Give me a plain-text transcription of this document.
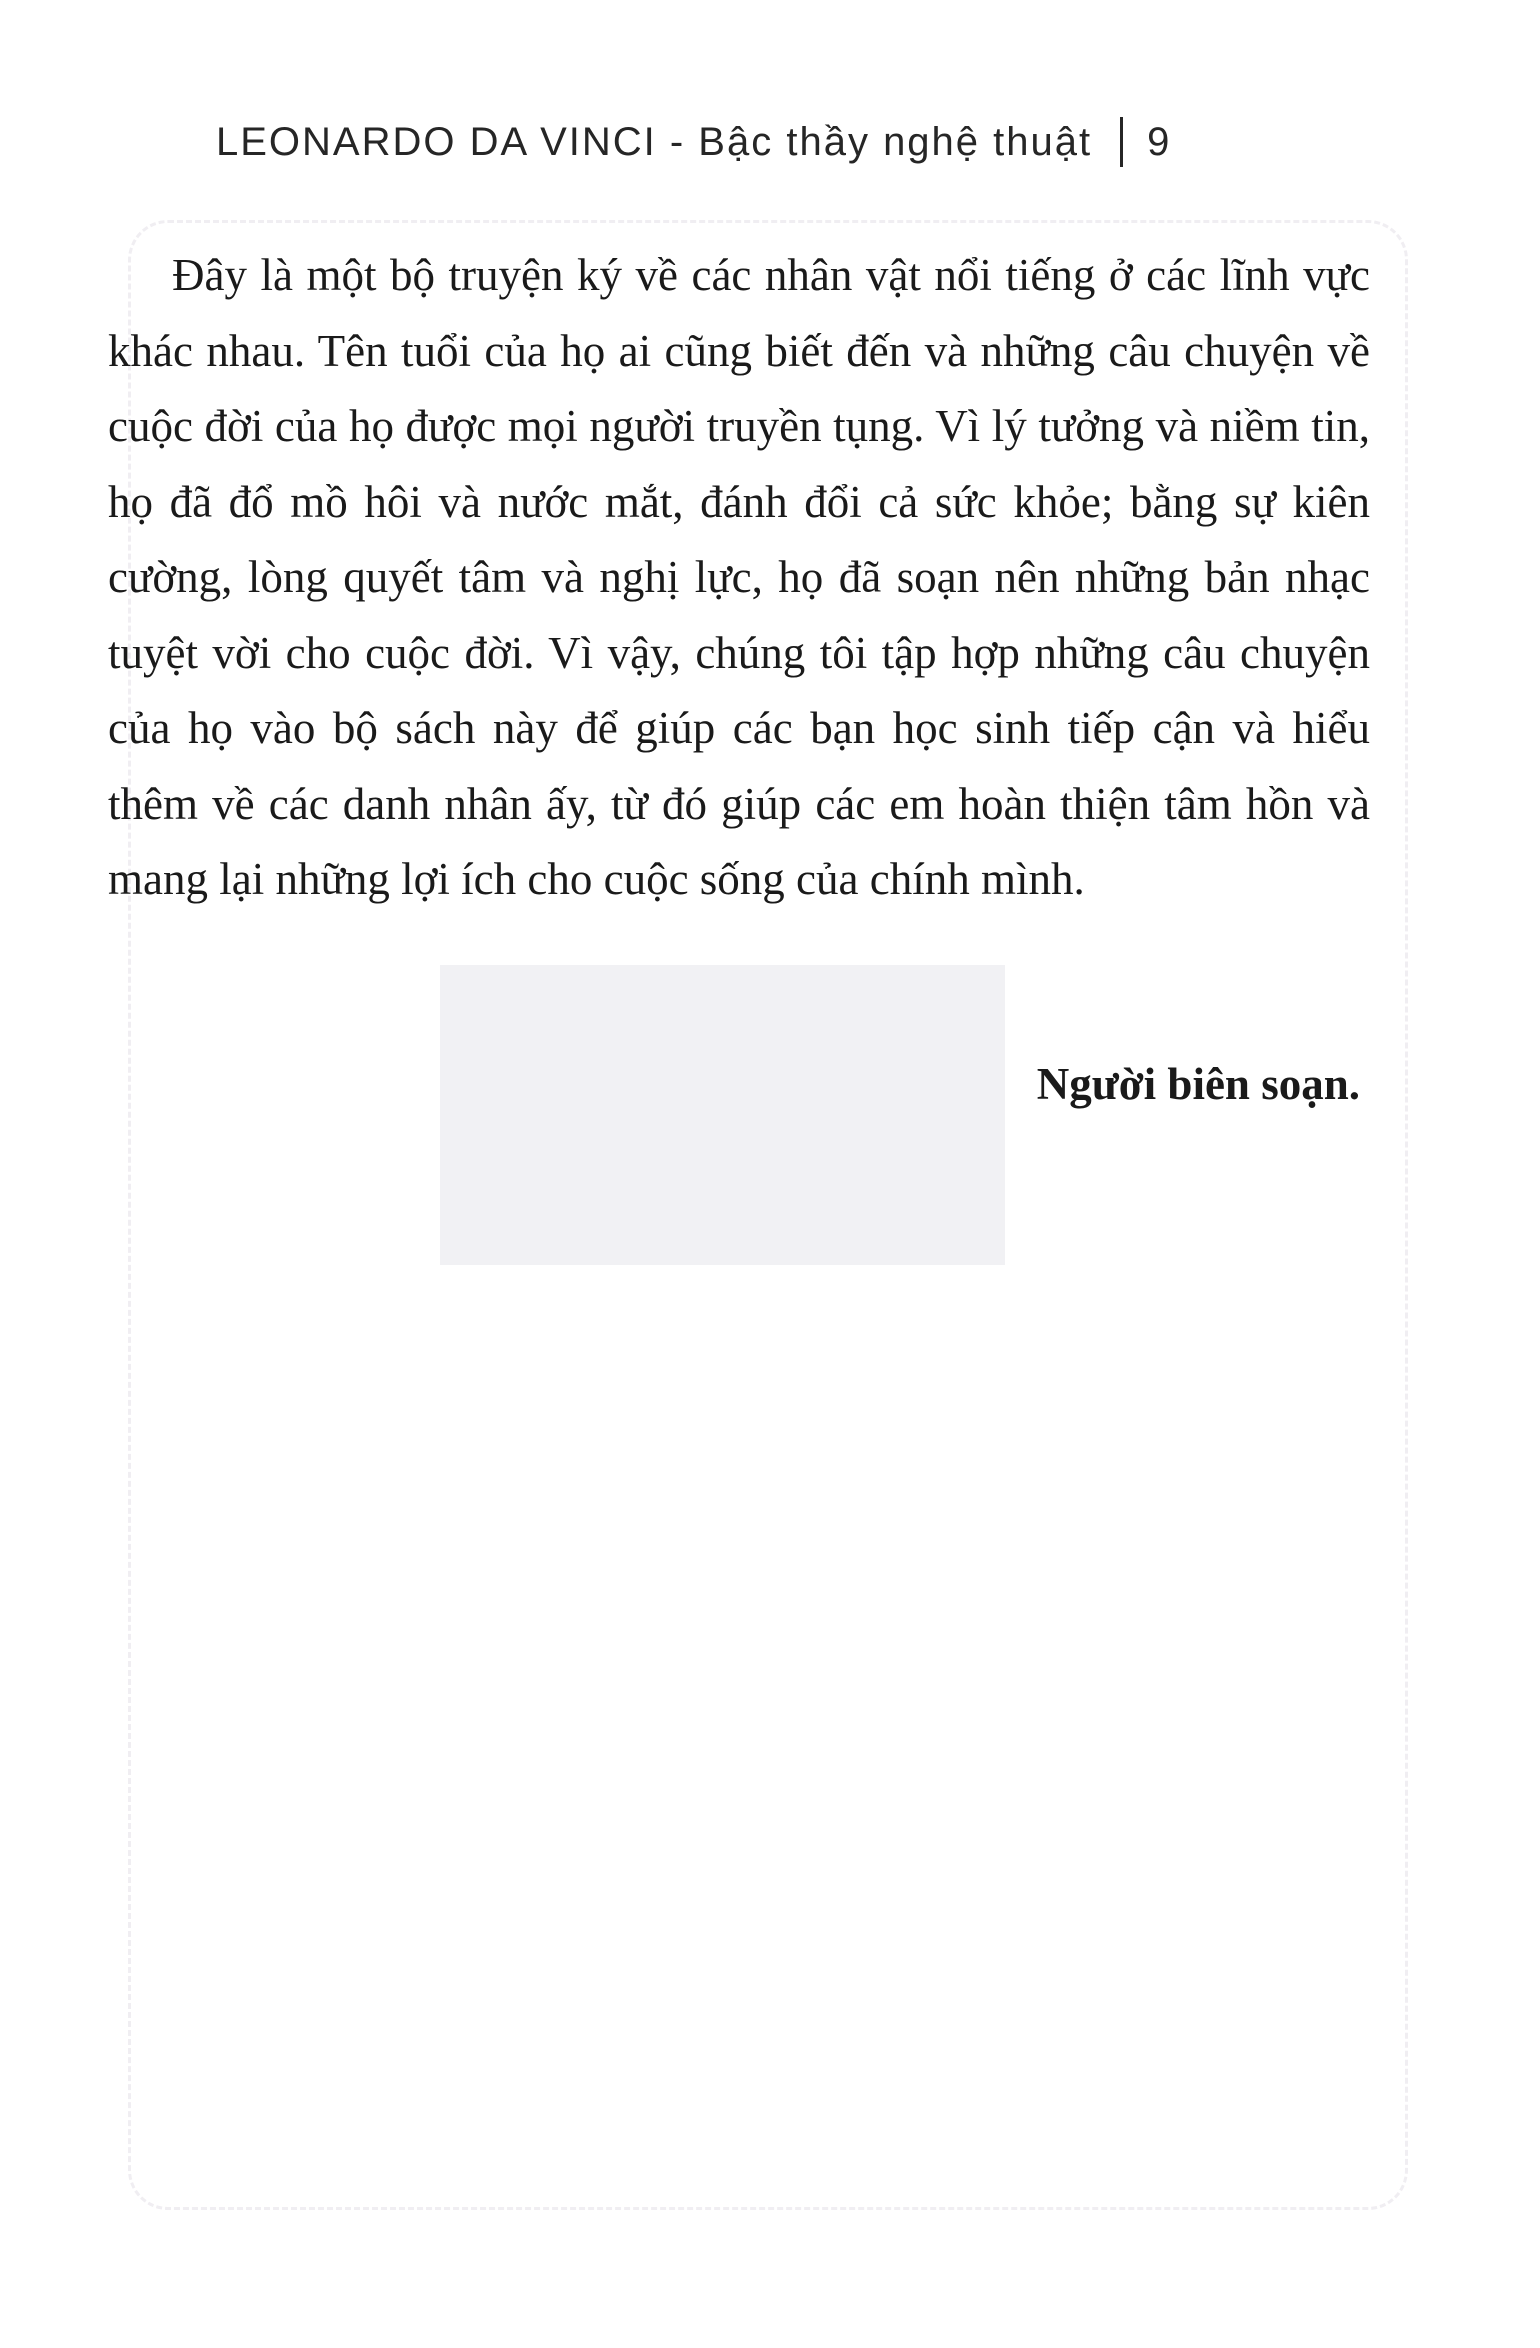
LEONARDO DA VINCI - Bậc thầy nghệ thuật 9

Đây là một bộ truyện ký về các nhân vật nổi tiếng ở các lĩnh vực khác nhau. Tên tuổi của họ ai cũng biết đến và những câu chuyện về cuộc đời của họ được mọi người truyền tụng. Vì lý tưởng và niềm tin, họ đã đổ mồ hôi và nước mắt, đánh đổi cả sức khỏe; bằng sự kiên cường, lòng quyết tâm và nghị lực, họ đã soạn nên những bản nhạc tuyệt vời cho cuộc đời. Vì vậy, chúng tôi tập hợp những câu chuyện của họ vào bộ sách này để giúp các bạn học sinh tiếp cận và hiểu thêm về các danh nhân ấy, từ đó giúp các em hoàn thiện tâm hồn và mang lại những lợi ích cho cuộc sống của chính mình.

Người biên soạn.
